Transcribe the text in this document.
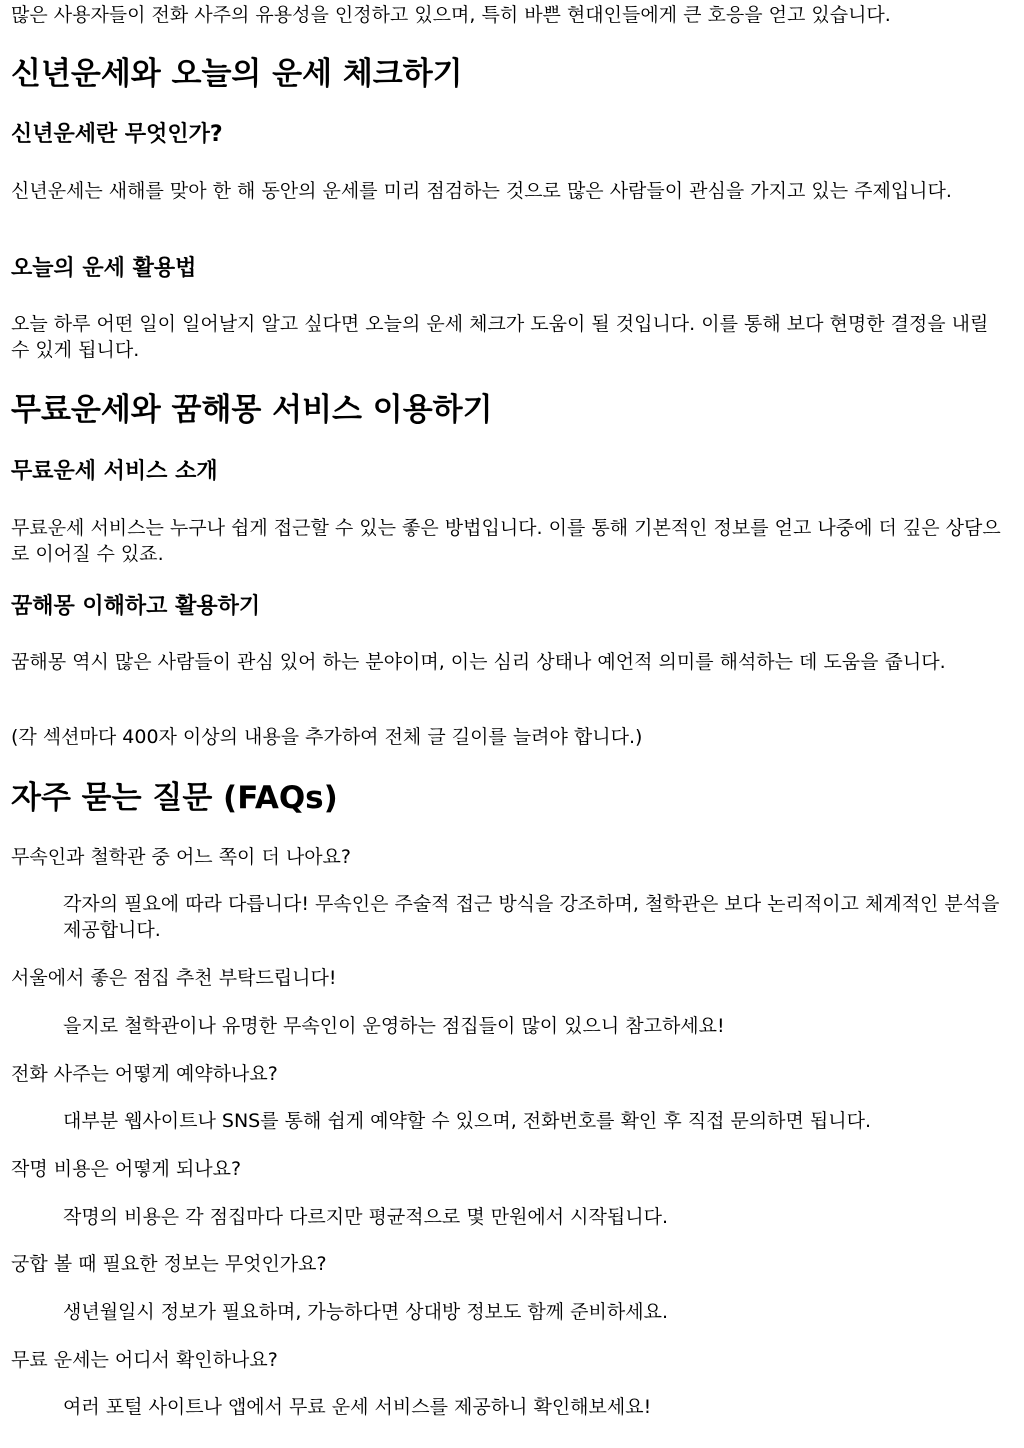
많은 사용자들이 전화 사주의 유용성을 인정하고 있으며, 특히 바쁜 현대인들에게 큰 호응을 얻고 있습니다.

신년운세와 오늘의 운세 체크하기
신년운세란 무엇인가?

신년운세는 새해를 맞아 한 해 동안의 운세를 미리 점검하는 것으로 많은 사람들이 관심을 가지고 있는 주제입니다.

오늘의 운세 활용법

오늘 하루 어떤 일이 일어날지 알고 싶다면 오늘의 운세 체크가 도움이 될 것입니다. 이를 통해 보다 현명한 결정을 내릴 수 있게 됩니다.

무료운세와 꿈해몽 서비스 이용하기
무료운세 서비스 소개

무료운세 서비스는 누구나 쉽게 접근할 수 있는 좋은 방법입니다. 이를 통해 기본적인 정보를 얻고 나중에 더 깊은 상담으로 이어질 수 있죠.

꿈해몽 이해하고 활용하기

꿈해몽 역시 많은 사람들이 관심 있어 하는 분야이며, 이는 심리 상태나 예언적 의미를 해석하는 데 도움을 줍니다.

(각 섹션마다 400자 이상의 내용을 추가하여 전체 글 길이를 늘려야 합니다.)

자주 묻는 질문 (FAQs)

무속인과 철학관 중 어느 쪽이 더 나아요?

각자의 필요에 따라 다릅니다! 무속인은 주술적 접근 방식을 강조하며, 철학관은 보다 논리적이고 체계적인 분석을 제공합니다.

서울에서 좋은 점집 추천 부탁드립니다!

을지로 철학관이나 유명한 무속인이 운영하는 점집들이 많이 있으니 참고하세요!

전화 사주는 어떻게 예약하나요?

대부분 웹사이트나 SNS를 통해 쉽게 예약할 수 있으며, 전화번호를 확인 후 직접 문의하면 됩니다.

작명 비용은 어떻게 되나요?

작명의 비용은 각 점집마다 다르지만 평균적으로 몇 만원에서 시작됩니다.

궁합 볼 때 필요한 정보는 무엇인가요?

생년월일시 정보가 필요하며, 가능하다면 상대방 정보도 함께 준비하세요.

무료 운세는 어디서 확인하나요?

여러 포털 사이트나 앱에서 무료 운세 서비스를 제공하니 확인해보세요!
